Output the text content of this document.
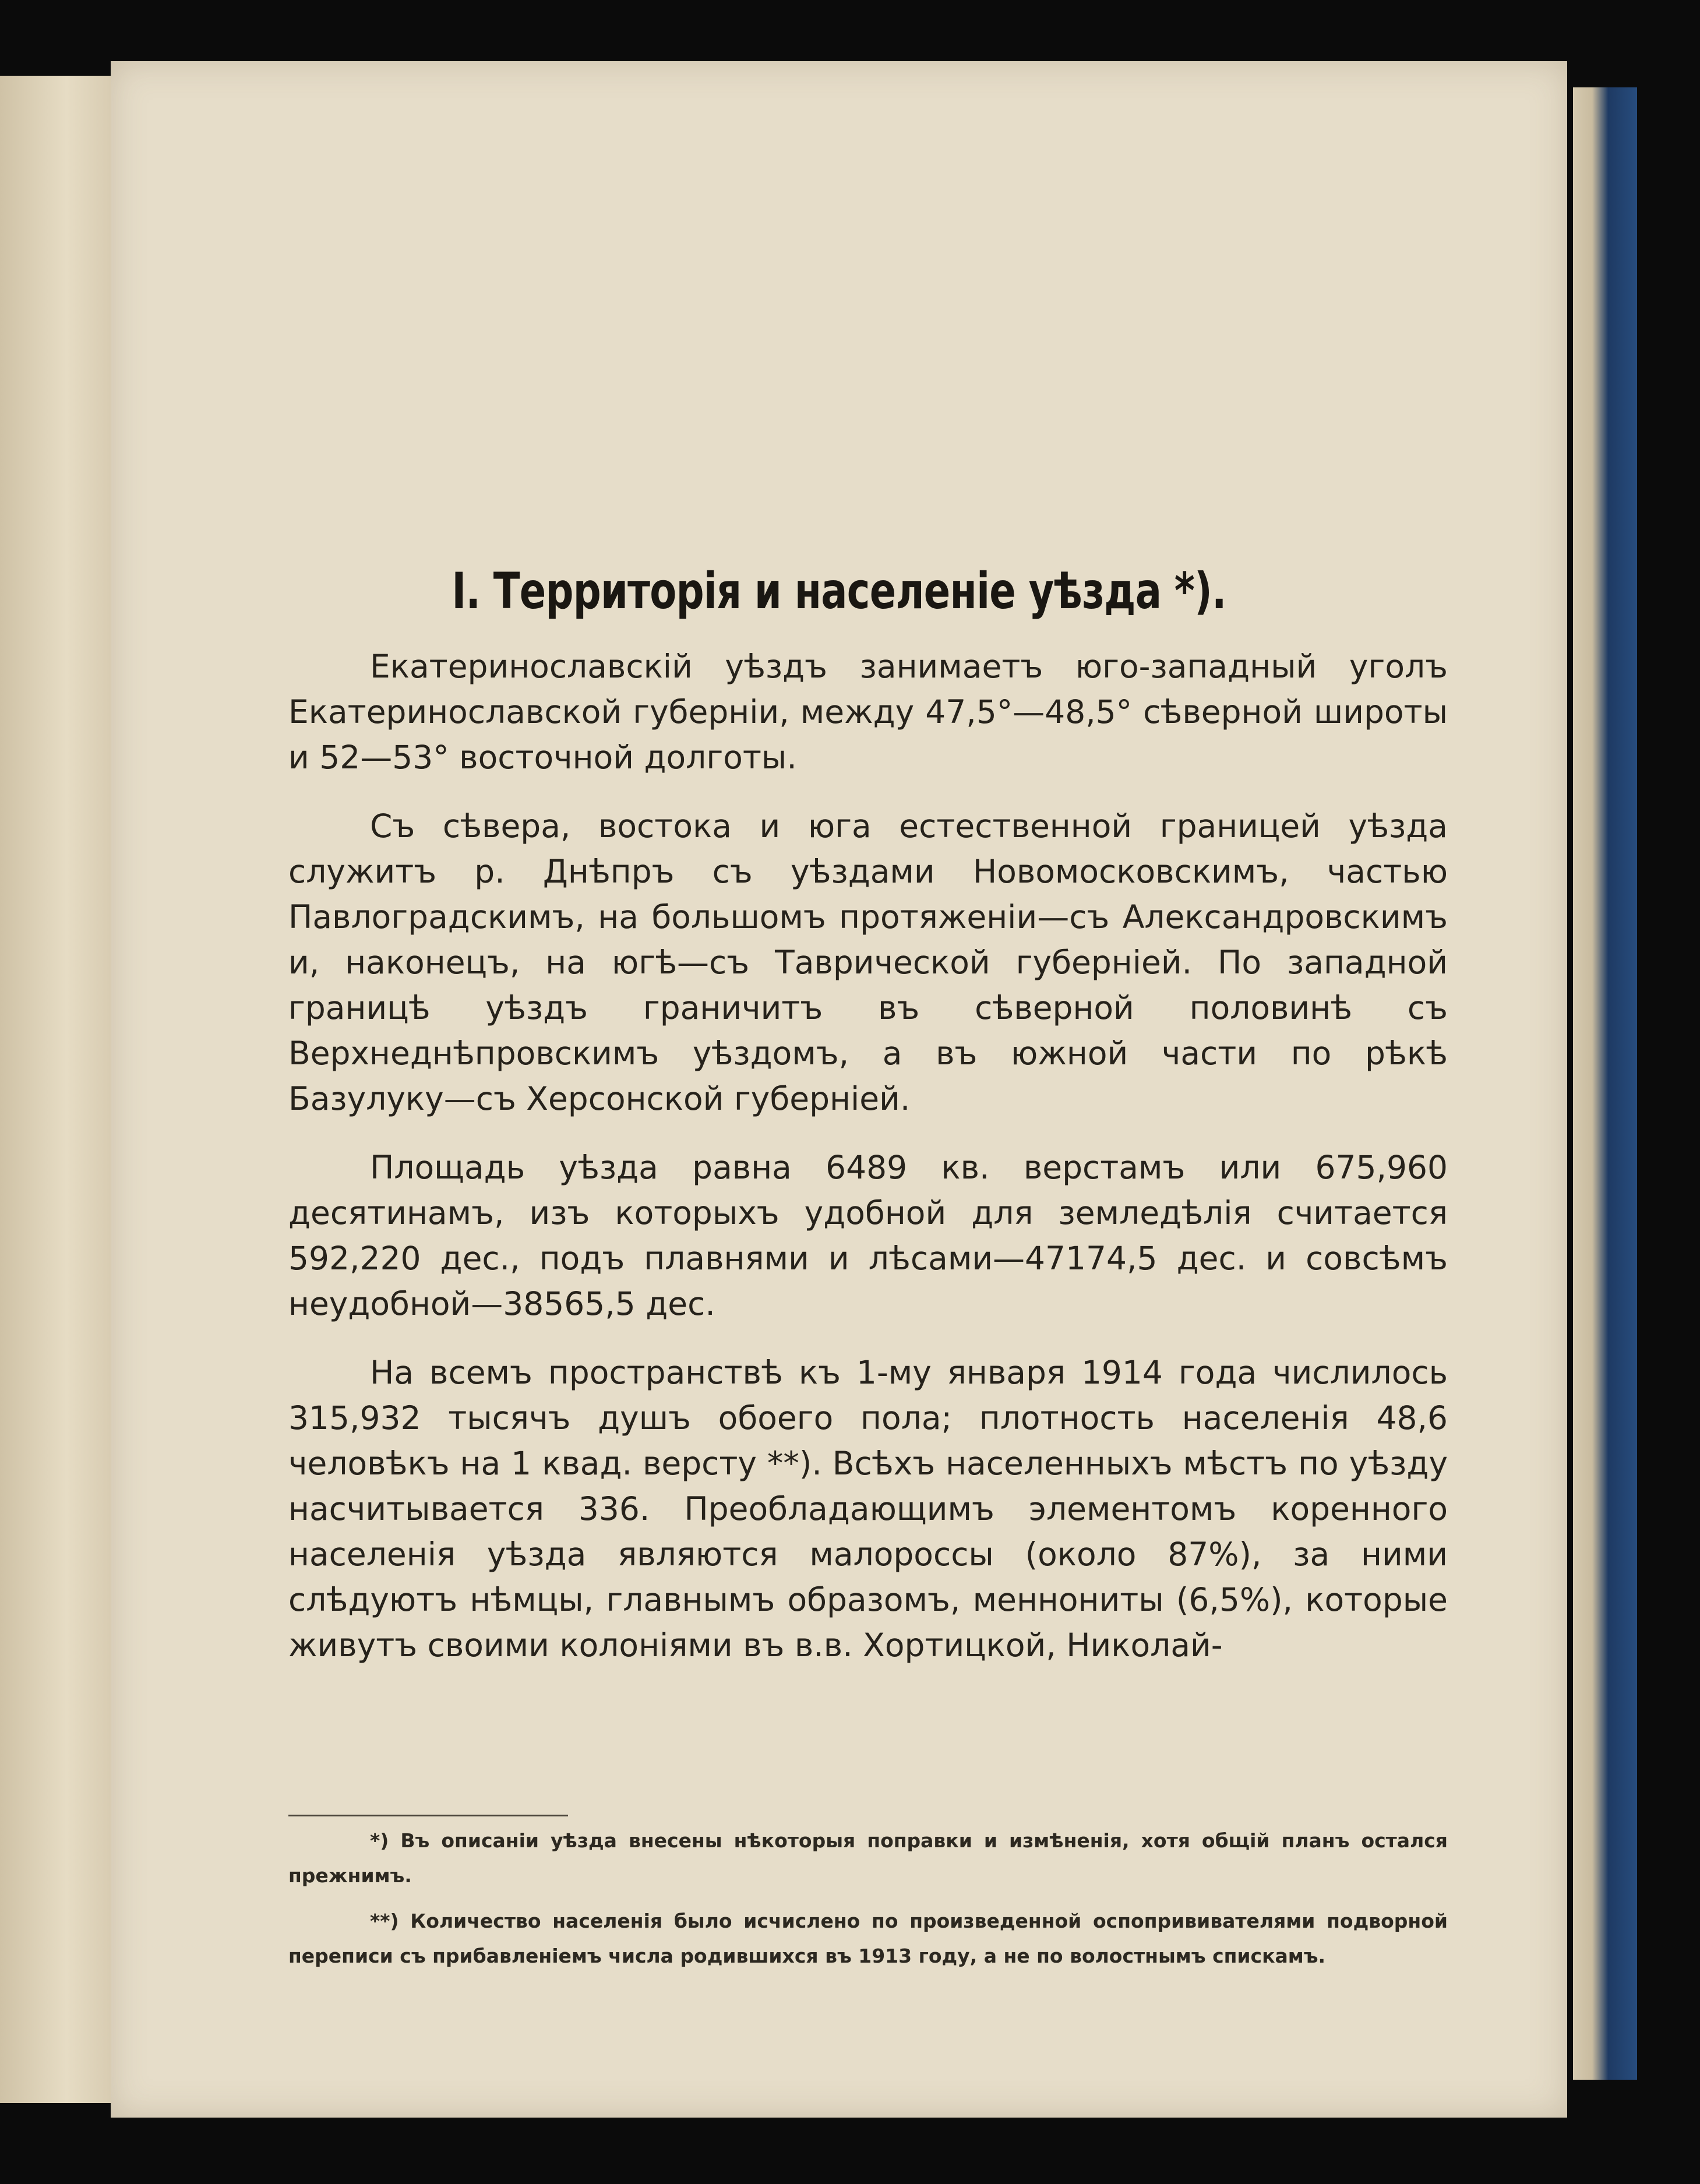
I. Территорія и населеніе уѣзда *).

Екатеринославскій уѣздъ занимаетъ юго-западный уголъ Екатеринославской губерніи, между 47,5°—48,5° сѣверной широты и 52—53° восточной долготы.

Съ сѣвера, востока и юга естественной границей уѣзда служитъ р. Днѣпръ съ уѣздами Новомосковскимъ, частью Павлоградскимъ, на большомъ протяженіи—съ Александровскимъ и, наконецъ, на югѣ—съ Таврической губерніей. По западной границѣ уѣздъ граничитъ въ сѣверной половинѣ съ Верхнеднѣпровскимъ уѣздомъ, а въ южной части по рѣкѣ Базулуку—съ Херсонской губерніей.

Площадь уѣзда равна 6489 кв. верстамъ или 675,960 десятинамъ, изъ которыхъ удобной для земледѣлія считается 592,220 дес., подъ плавнями и лѣсами—47174,5 дес. и совсѣмъ неудобной—38565,5 дес.

На всемъ пространствѣ къ 1-му января 1914 года числилось 315,932 тысячъ душъ обоего пола; плотность населенія 48,6 человѣкъ на 1 квад. версту **). Всѣхъ населенныхъ мѣстъ по уѣзду насчитывается 336. Преобладающимъ элементомъ коренного населенія уѣзда являются малороссы (около 87%), за ними слѣдуютъ нѣмцы, главнымъ образомъ, меннониты (6,5%), которые живутъ своими колоніями въ в.в. Хортицкой, Николай-

*) Въ описаніи уѣзда внесены нѣкоторыя поправки и измѣненія, хотя общій планъ остался прежнимъ.

**) Количество населенія было исчислено по произведенной оспопрививателями подворной переписи съ прибавленіемъ числа родившихся въ 1913 году, а не по волостнымъ спискамъ.
